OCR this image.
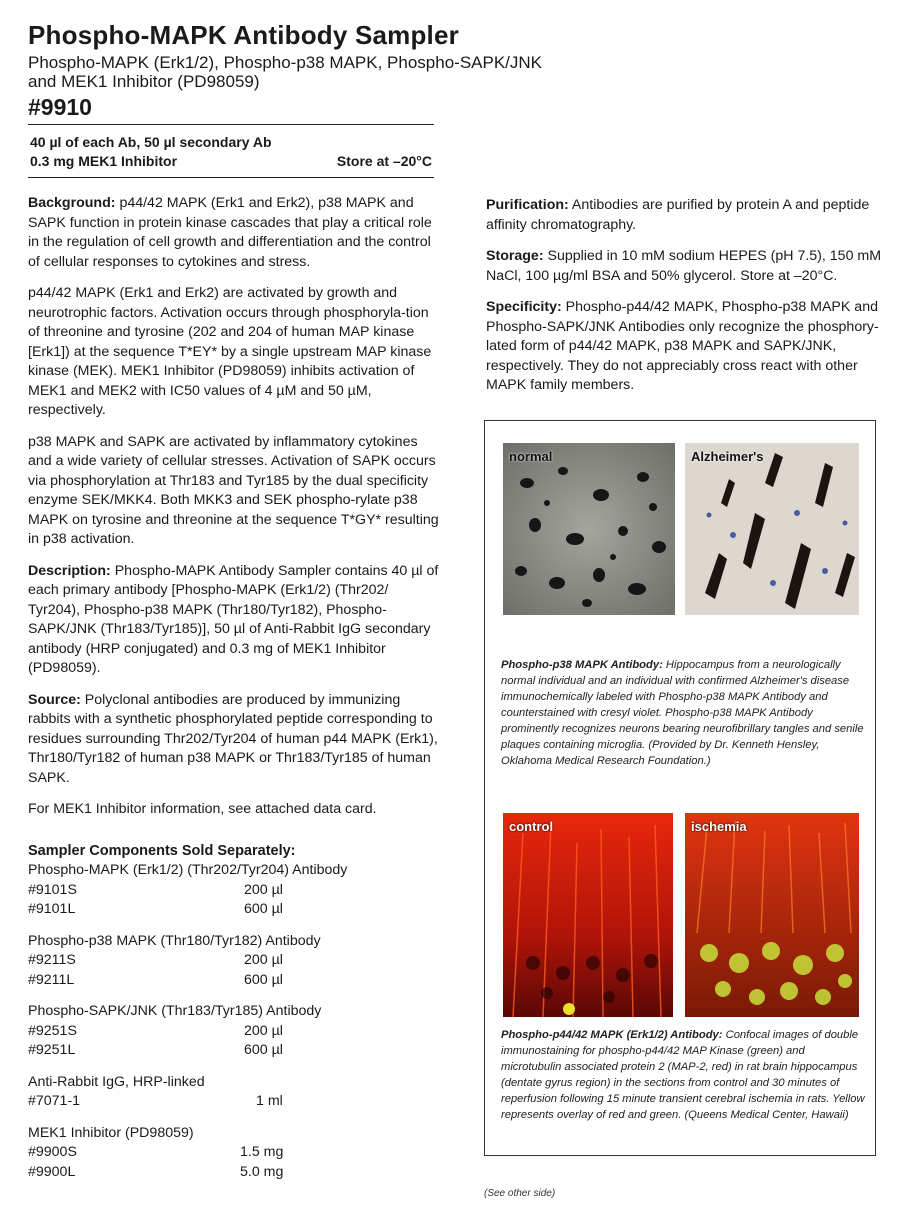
Phospho-MAPK Antibody Sampler
Phospho-MAPK (Erk1/2), Phospho-p38 MAPK, Phospho-SAPK/JNK
and MEK1 Inhibitor (PD98059)
#9910
40 µl of each Ab, 50 µl secondary Ab
0.3 mg MEK1 Inhibitor	Store at –20°C

Background: p44/42 MAPK (Erk1 and Erk2), p38 MAPK and SAPK function in protein kinase cascades that play a critical role in the regulation of cell growth and differentiation and the control of cellular responses to cytokines and stress.

p44/42 MAPK (Erk1 and Erk2) are activated by growth and neurotrophic factors. Activation occurs through phosphoryla-tion of threonine and tyrosine (202 and 204 of human MAP kinase [Erk1]) at the sequence T*EY* by a single upstream MAP kinase kinase (MEK). MEK1 Inhibitor (PD98059) inhibits activation of MEK1 and MEK2 with IC50 values of 4 µM and 50 µM, respectively.

p38 MAPK and SAPK are activated by inflammatory cytokines and a wide variety of cellular stresses. Activation of SAPK occurs via phosphorylation at Thr183 and Tyr185 by the dual specificity enzyme SEK/MKK4. Both MKK3 and SEK phospho-rylate p38 MAPK on tyrosine and threonine at the sequence T*GY* resulting in p38 activation.

Description: Phospho-MAPK Antibody Sampler contains 40 µl of each primary antibody [Phospho-MAPK (Erk1/2) (Thr202/ Tyr204), Phospho-p38 MAPK (Thr180/Tyr182), Phospho-SAPK/JNK (Thr183/Tyr185)], 50 µl of Anti-Rabbit IgG secondary antibody (HRP conjugated) and 0.3 mg of MEK1 Inhibitor (PD98059).

Source: Polyclonal antibodies are produced by immunizing rabbits with a synthetic phosphorylated peptide corresponding to residues surrounding Thr202/Tyr204 of human p44 MAPK (Erk1), Thr180/Tyr182 of human p38 MAPK or Thr183/Tyr185 of human SAPK.

For MEK1 Inhibitor information, see attached data card.

Sampler Components Sold Separately:
Phospho-MAPK (Erk1/2) (Thr202/Tyr204) Antibody
#9101S	200 µl
#9101L	600 µl
Phospho-p38 MAPK (Thr180/Tyr182) Antibody
#9211S	200 µl
#9211L	600 µl
Phospho-SAPK/JNK (Thr183/Tyr185) Antibody
#9251S	200 µl
#9251L	600 µl
Anti-Rabbit IgG, HRP-linked
#7071-1	1 ml
MEK1 Inhibitor (PD98059)
#9900S	1.5 mg
#9900L	5.0 mg

Purification: Antibodies are purified by protein A and peptide affinity chromatography.

Storage: Supplied in 10 mM sodium HEPES (pH 7.5), 150 mM NaCl, 100 µg/ml BSA and 50% glycerol. Store at –20°C.

Specificity: Phospho-p44/42 MAPK, Phospho-p38 MAPK and Phospho-SAPK/JNK Antibodies only recognize the phosphory-lated form of p44/42 MAPK, p38 MAPK and SAPK/JNK, respectively. They do not appreciably cross react with other MAPK family members.

normal	Alzheimer's
Phospho-p38 MAPK Antibody: Hippocampus from a neurologically normal individual and an individual with confirmed Alzheimer's disease immunochemically labeled with Phospho-p38 MAPK Antibody and counterstained with cresyl violet. Phospho-p38 MAPK Antibody prominently recognizes neurons bearing neurofibrillary tangles and senile plaques containing microglia. (Provided by Dr. Kenneth Hensley, Oklahoma Medical Research Foundation.)
control	ischemia
Phospho-p44/42 MAPK (Erk1/2) Antibody: Confocal images of double immunostaining for phospho-p44/42 MAP Kinase (green) and microtubulin associated protein 2 (MAP-2, red) in rat brain hippocampus (dentate gyrus region) in the sections from control and 30 minutes of reperfusion following 15 minute transient cerebral ischemia in rats. Yellow represents overlay of red and green. (Queens Medical Center, Hawaii)
(See other side)
